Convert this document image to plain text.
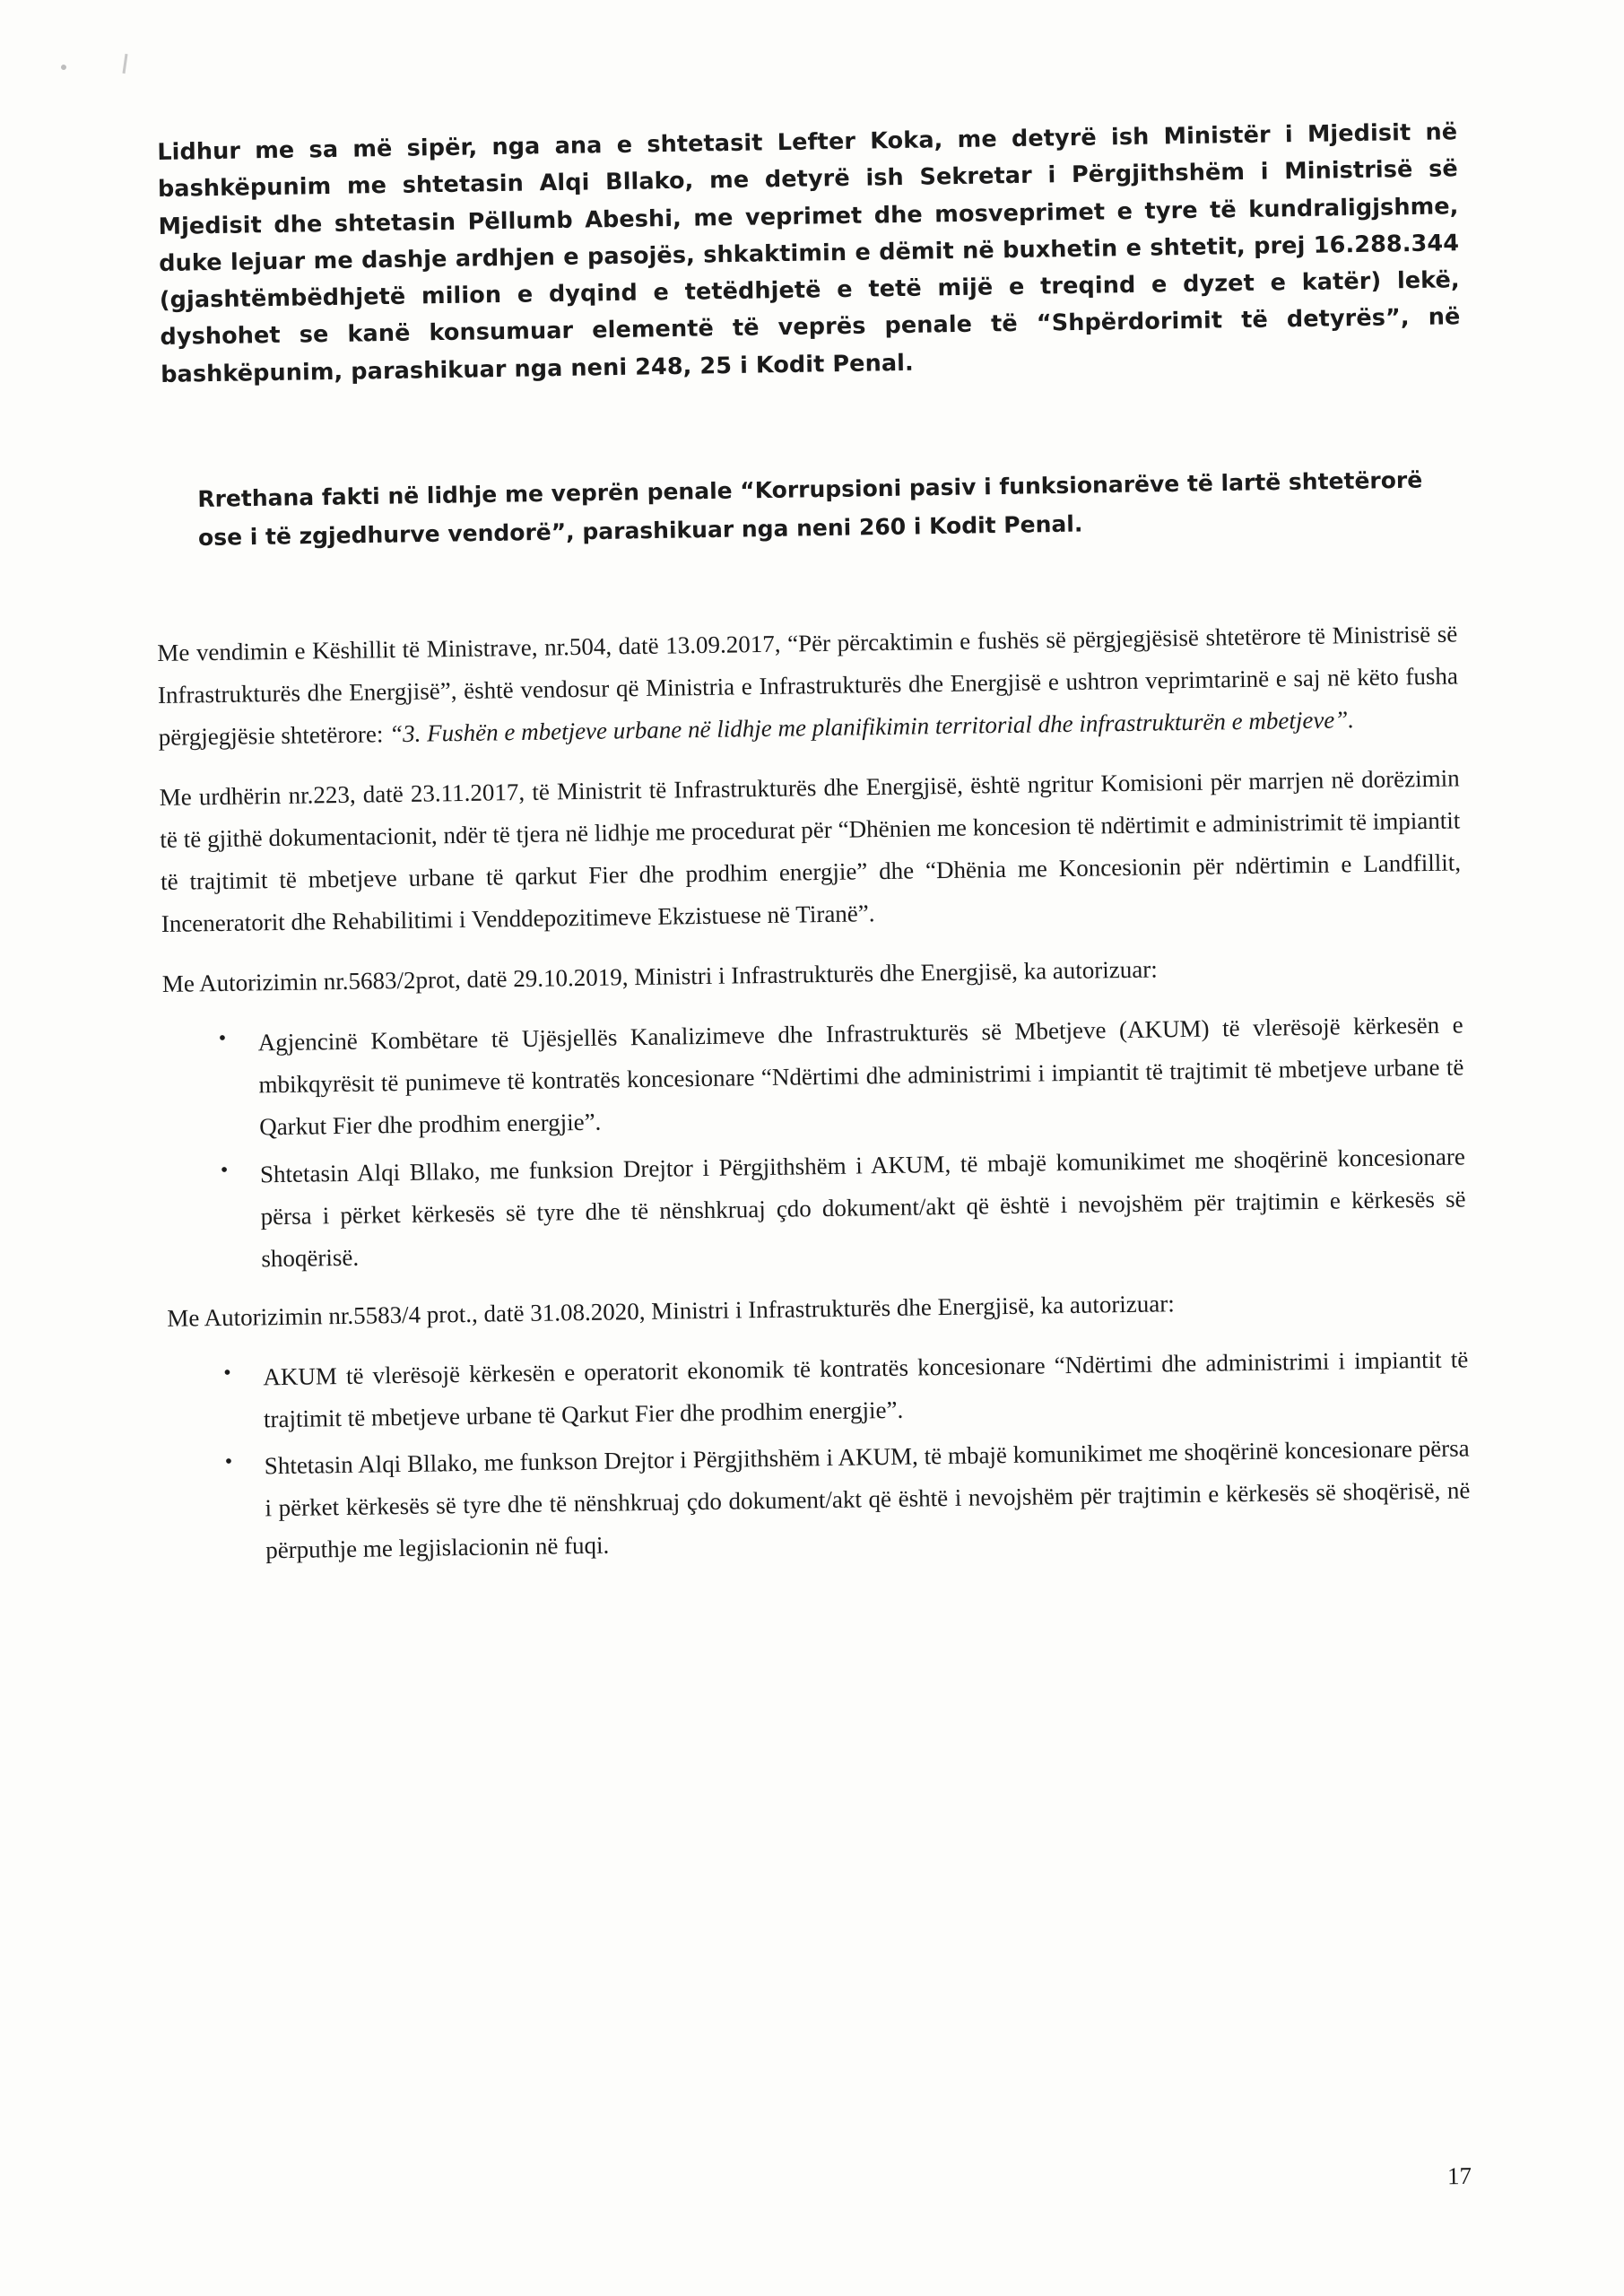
Lidhur me sa më sipër, nga ana e shtetasit Lefter Koka, me detyrë ish Ministër i Mjedisit në bashkëpunim me shtetasin Alqi Bllako, me detyrë ish Sekretar i Përgjithshëm i Ministrisë së Mjedisit dhe shtetasin Pëllumb Abeshi, me veprimet dhe mosveprimet e tyre të kundraligjshme, duke lejuar me dashje ardhjen e pasojës, shkaktimin e dëmit në buxhetin e shtetit, prej 16.288.344 (gjashtëmbëdhjetë milion e dyqind e tetëdhjetë e tetë mijë e treqind e dyzet e katër) lekë, dyshohet se kanë konsumuar elementë të veprës penale të “Shpërdorimit të detyrës”, në bashkëpunim, parashikuar nga neni 248, 25 i Kodit Penal.
Rrethana fakti në lidhje me veprën penale “Korrupsioni pasiv i funksionarëve të lartë shtetërorë ose i të zgjedhurve vendorë”, parashikuar nga neni 260 i Kodit Penal.

Me vendimin e Këshillit të Ministrave, nr.504, datë 13.09.2017, “Për përcaktimin e fushës së përgjegjësisë shtetërore të Ministrisë së Infrastrukturës dhe Energjisë”, është vendosur që Ministria e Infrastrukturës dhe Energjisë e ushtron veprimtarinë e saj në këto fusha përgjegjësie shtetërore: “3. Fushën e mbetjeve urbane në lidhje me planifikimin territorial dhe infrastrukturën e mbetjeve”.

Me urdhërin nr.223, datë 23.11.2017, të Ministrit të Infrastrukturës dhe Energjisë, është ngritur Komisioni për marrjen në dorëzimin të të gjithë dokumentacionit, ndër të tjera në lidhje me procedurat për “Dhënien me koncesion të ndërtimit e administrimit të impiantit të trajtimit të mbetjeve urbane të qarkut Fier dhe prodhim energjie” dhe “Dhënia me Koncesionin për ndërtimin e Landfillit, Inceneratorit dhe Rehabilitimi i Venddepozitimeve Ekzistuese në Tiranë”.

Me Autorizimin nr.5683/2prot, datë 29.10.2019, Ministri i Infrastrukturës dhe Energjisë, ka autorizuar:

• Agjencinë Kombëtare të Ujësjellës Kanalizimeve dhe Infrastrukturës së Mbetjeve (AKUM) të vlerësojë kërkesën e mbikqyrësit të punimeve të kontratës koncesionare “Ndërtimi dhe administrimi i impiantit të trajtimit të mbetjeve urbane të Qarkut Fier dhe prodhim energjie”.
• Shtetasin Alqi Bllako, me funksion Drejtor i Përgjithshëm i AKUM, të mbajë komunikimet me shoqërinë koncesionare përsa i përket kërkesës së tyre dhe të nënshkruaj çdo dokument/akt që është i nevojshëm për trajtimin e kërkesës së shoqërisë.

Me Autorizimin nr.5583/4 prot., datë 31.08.2020, Ministri i Infrastrukturës dhe Energjisë, ka autorizuar:

• AKUM të vlerësojë kërkesën e operatorit ekonomik të kontratës koncesionare “Ndërtimi dhe administrimi i impiantit të trajtimit të mbetjeve urbane të Qarkut Fier dhe prodhim energjie”.
• Shtetasin Alqi Bllako, me funkson Drejtor i Përgjithshëm i AKUM, të mbajë komunikimet me shoqërinë koncesionare përsa i përket kërkesës së tyre dhe të nënshkruaj çdo dokument/akt që është i nevojshëm për trajtimin e kërkesës së shoqërisë, në përputhje me legjislacionin në fuqi.
17
